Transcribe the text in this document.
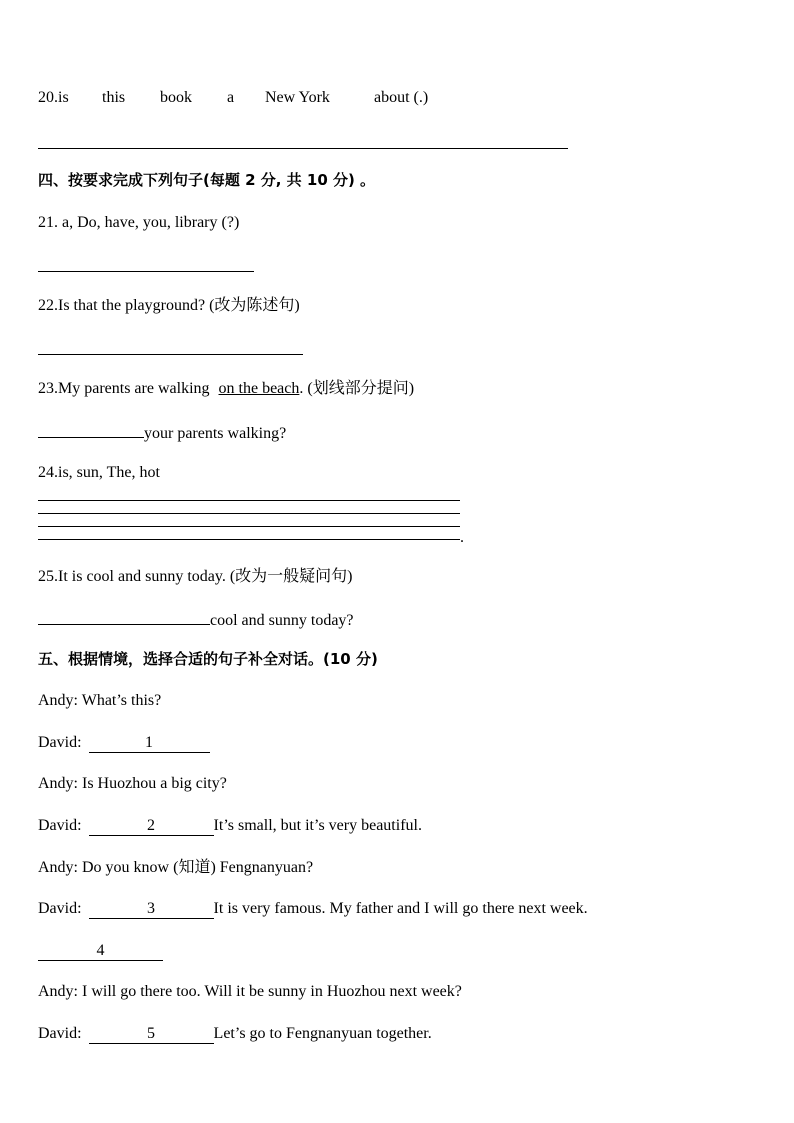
20.is this book a New York	about (.)
四、按要求完成下列句子(每题 2 分, 共 10 分) 。
21. a, Do, have, you, library (?)
22.Is that the playground? (改为陈述句)
23.My parents are walking on the beach. (划线部分提问)
your parents walking?
24.is, sun, The, hot
.
25.It is cool and sunny today. (改为一般疑问句)
cool and sunny today?
五、根据情境，选择合适的句子补全对话。(10 分)
Andy: What’s this?
David:	1
Andy: Is Huozhou a big city?
David:	2	It’s small, but it’s very beautiful.
Andy: Do you know (知道) Fengnanyuan?
David:	3	It is very famous. My father and I will go there next week.
4
Andy: I will go there too. Will it be sunny in Huozhou next week?
David:	5	Let’s go to Fengnanyuan together.
